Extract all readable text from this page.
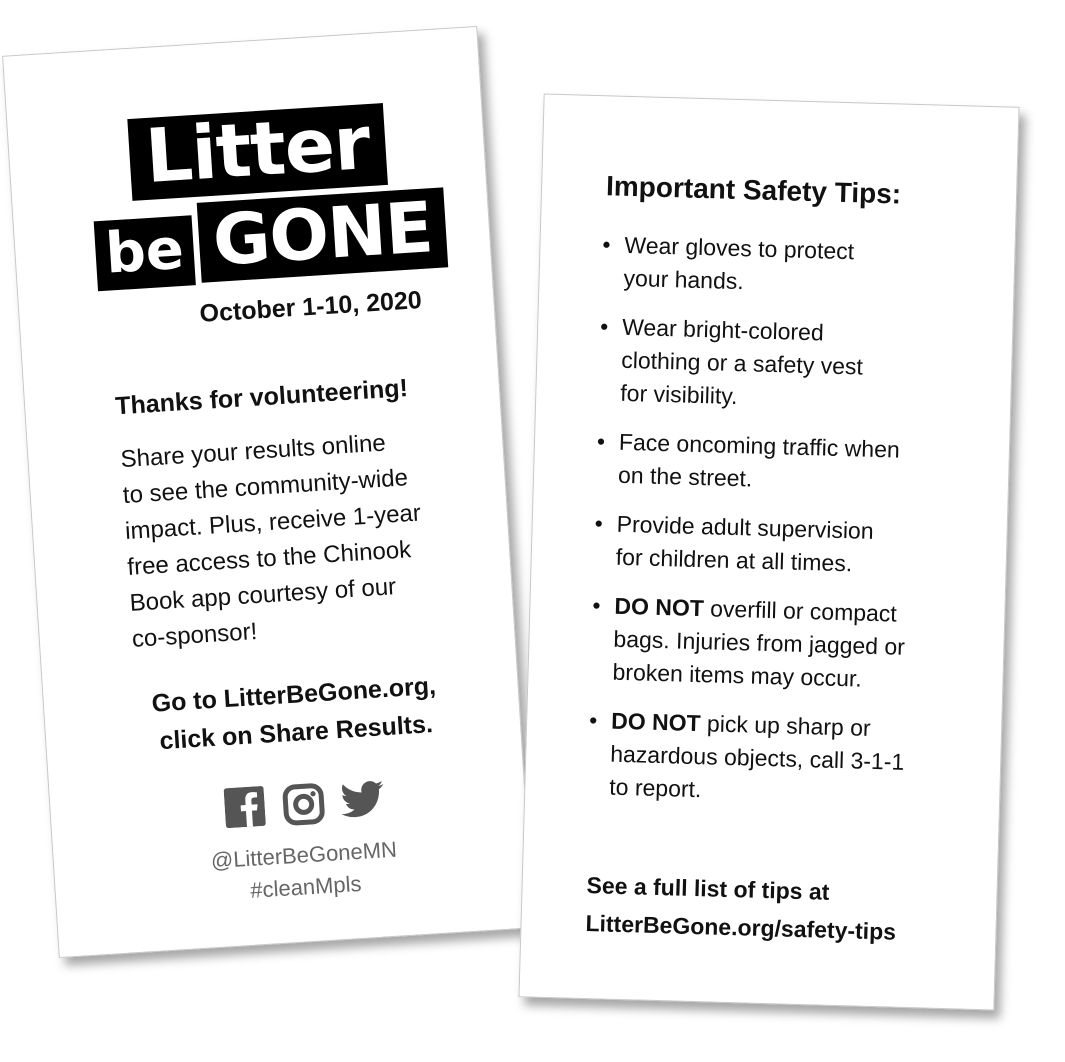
Litter
be GONE
October 1-10, 2020
Thanks for volunteering!
Share your results online
to see the community-wide
impact. Plus, receive 1-year
free access to the Chinook
Book app courtesy of our
co-sponsor!
Go to LitterBeGone.org,
click on Share Results.
@LitterBeGoneMN
#cleanMpls
Important Safety Tips:
• Wear gloves to protect
your hands.
• Wear bright-colored
clothing or a safety vest
for visibility.
• Face oncoming traffic when
on the street.
• Provide adult supervision
for children at all times.
• DO NOT overfill or compact
bags. Injuries from jagged or
broken items may occur.
• DO NOT pick up sharp or
hazardous objects, call 3-1-1
to report.
See a full list of tips at
LitterBeGone.org/safety-tips
